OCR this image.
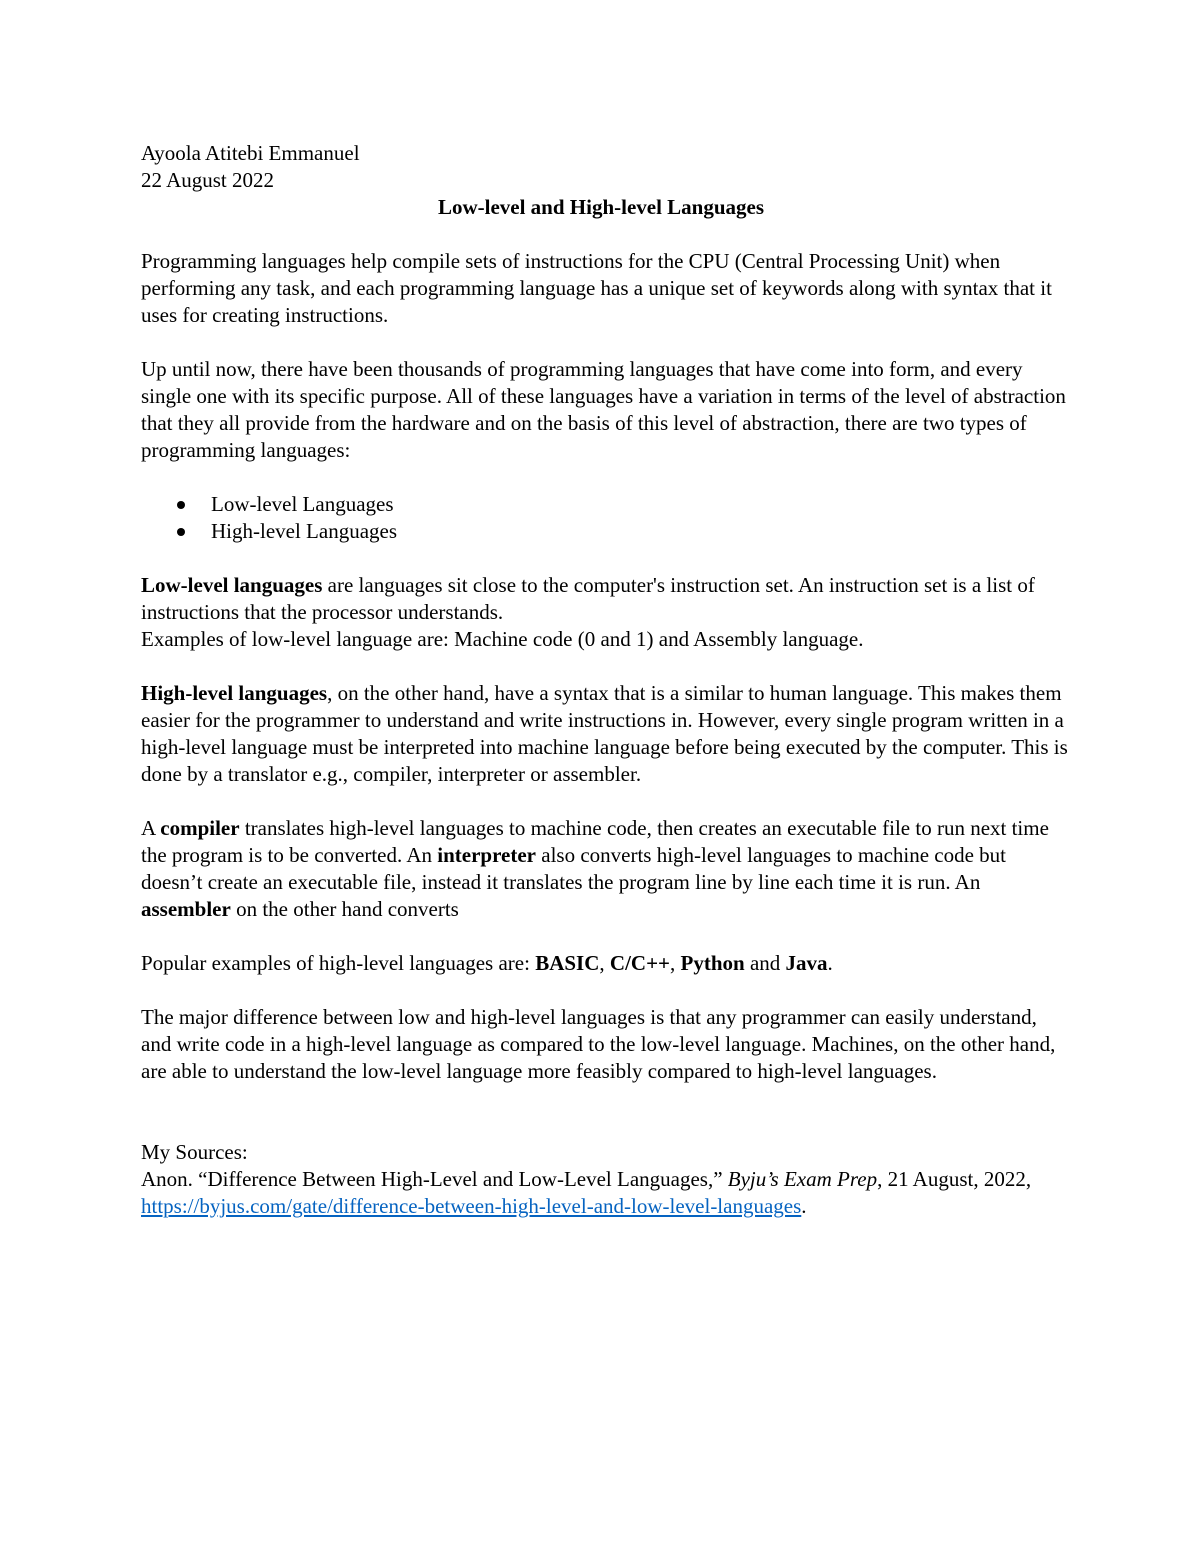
Ayoola Atitebi Emmanuel
22 August 2022
Low-level and High-level Languages

Programming languages help compile sets of instructions for the CPU (Central Processing Unit) when performing any task, and each programming language has a unique set of keywords along with syntax that it uses for creating instructions.

Up until now, there have been thousands of programming languages that have come into form, and every single one with its specific purpose. All of these languages have a variation in terms of the level of abstraction that they all provide from the hardware and on the basis of this level of abstraction, there are two types of programming languages:

Low-level Languages
High-level Languages

Low-level languages are languages sit close to the computer's instruction set. An instruction set is a list of instructions that the processor understands.
Examples of low-level language are: Machine code (0 and 1) and Assembly language.

High-level languages, on the other hand, have a syntax that is a similar to human language. This makes them easier for the programmer to understand and write instructions in. However, every single program written in a high-level language must be interpreted into machine language before being executed by the computer. This is done by a translator e.g., compiler, interpreter or assembler.

A compiler translates high-level languages to machine code, then creates an executable file to run next time the program is to be converted. An interpreter also converts high-level languages to machine code but doesn’t create an executable file, instead it translates the program line by line each time it is run. An assembler on the other hand converts

Popular examples of high-level languages are: BASIC, C/C++, Python and Java.

The major difference between low and high-level languages is that any programmer can easily understand, and write code in a high-level language as compared to the low-level language. Machines, on the other hand, are able to understand the low-level language more feasibly compared to high-level languages.

My Sources:
Anon. “Difference Between High-Level and Low-Level Languages,” Byju’s Exam Prep, 21 August, 2022, https://byjus.com/gate/difference-between-high-level-and-low-level-languages.
